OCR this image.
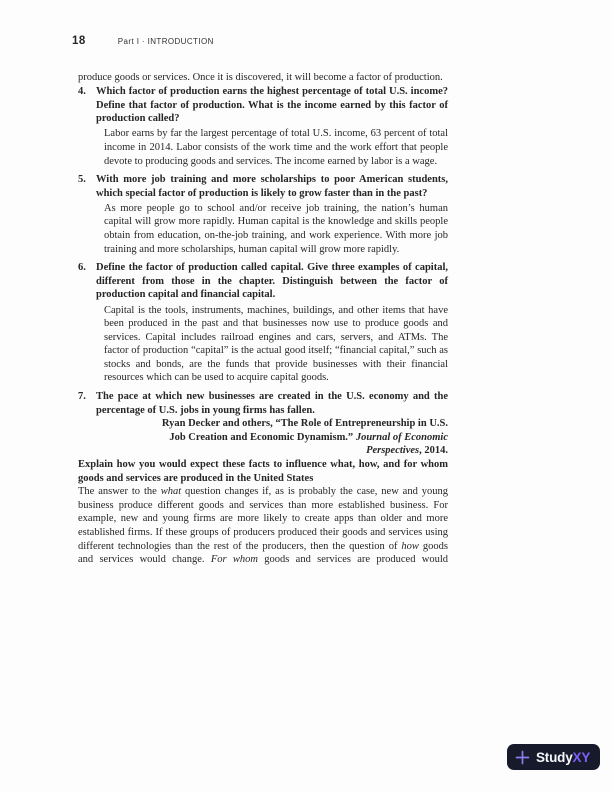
18	Part I · INTRODUCTION

produce goods or services. Once it is discovered, it will become a factor of production.

4. Which factor of production earns the highest percentage of total U.S. income? Define that factor of production. What is the income earned by this factor of production called?

Labor earns by far the largest percentage of total U.S. income, 63 percent of total income in 2014. Labor consists of the work time and the work effort that people devote to producing goods and services. The income earned by labor is a wage.

5. With more job training and more scholarships to poor American students, which special factor of production is likely to grow faster than in the past?

As more people go to school and/or receive job training, the nation’s human capital will grow more rapidly. Human capital is the knowledge and skills people obtain from education, on-the-job training, and work experience. With more job training and more scholarships, human capital will grow more rapidly.

6. Define the factor of production called capital. Give three examples of capital, different from those in the chapter. Distinguish between the factor of production capital and financial capital.

Capital is the tools, instruments, machines, buildings, and other items that have been produced in the past and that businesses now use to produce goods and services. Capital includes railroad engines and cars, servers, and ATMs. The factor of production “capital” is the actual good itself; “financial capital,” such as stocks and bonds, are the funds that provide businesses with their financial resources which can be used to acquire capital goods.

7. The pace at which new businesses are created in the U.S. economy and the percentage of U.S. jobs in young firms has fallen.

Ryan Decker and others, “The Role of Entrepreneurship in U.S. Job Creation and Economic Dynamism.” Journal of Economic Perspectives, 2014.

Explain how you would expect these facts to influence what, how, and for whom goods and services are produced in the United States

The answer to the what question changes if, as is probably the case, new and young business produce different goods and services than more established business. For example, new and young firms are more likely to create apps than older and more established firms. If these groups of producers produced their goods and services using different technologies than the rest of the producers, then the question of how goods and services would change. For whom goods and services are produced would

StudyXY
